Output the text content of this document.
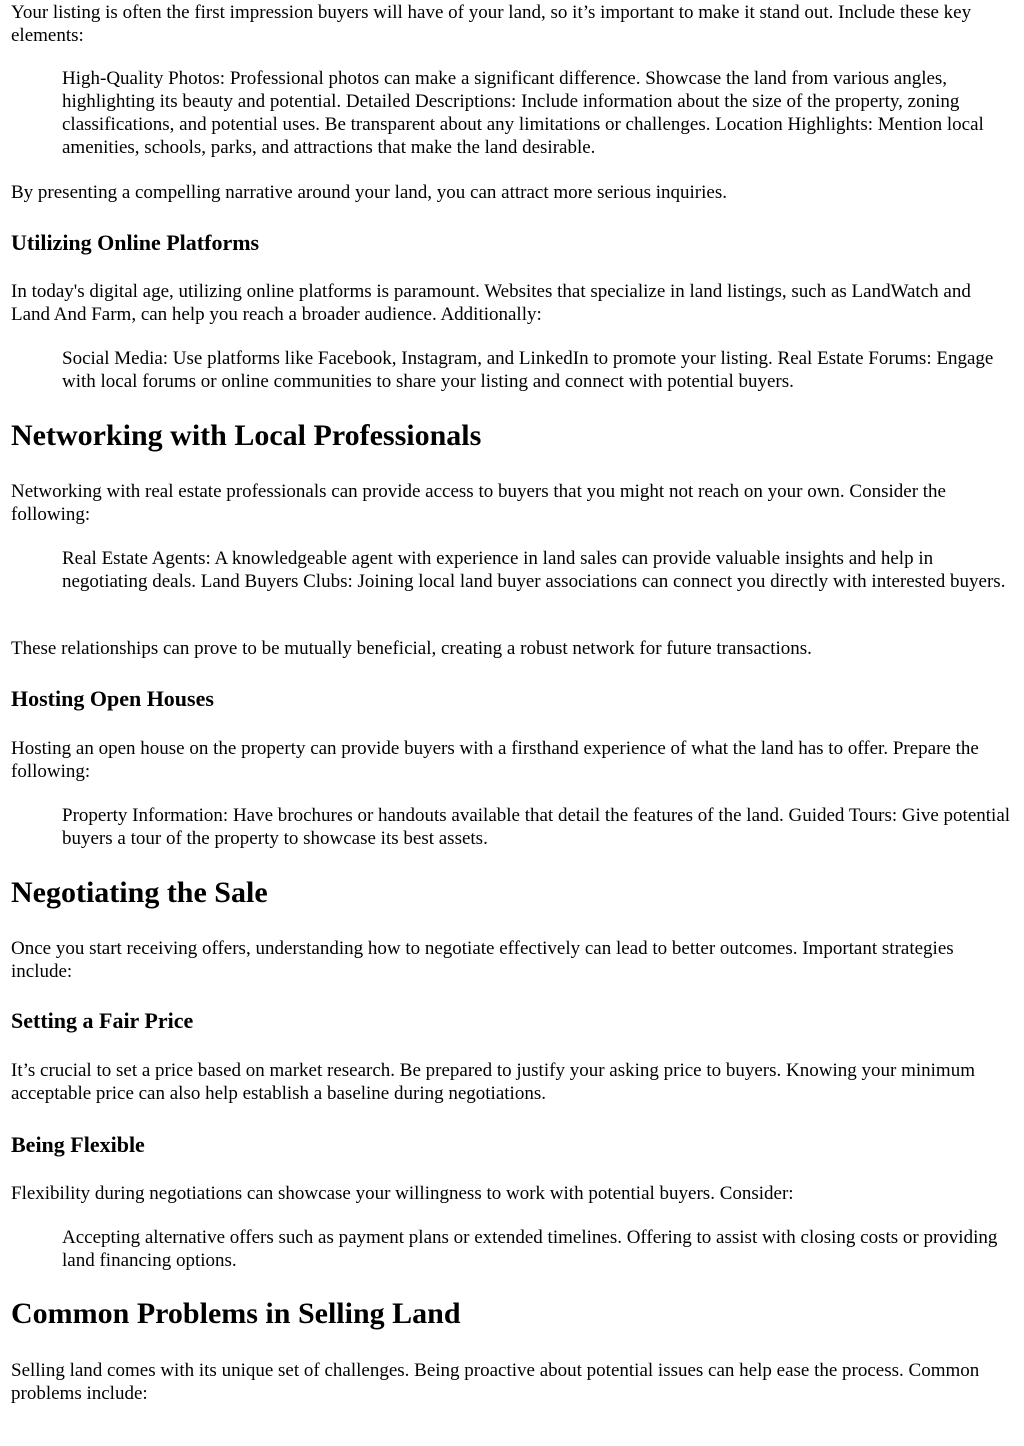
Your listing is often the first impression buyers will have of your land, so it’s important to make it stand out. Include these key elements:

High-Quality Photos: Professional photos can make a significant difference. Showcase the land from various angles, highlighting its beauty and potential. Detailed Descriptions: Include information about the size of the property, zoning classifications, and potential uses. Be transparent about any limitations or challenges. Location Highlights: Mention local amenities, schools, parks, and attractions that make the land desirable.

By presenting a compelling narrative around your land, you can attract more serious inquiries.

Utilizing Online Platforms

In today's digital age, utilizing online platforms is paramount. Websites that specialize in land listings, such as LandWatch and Land And Farm, can help you reach a broader audience. Additionally:

Social Media: Use platforms like Facebook, Instagram, and LinkedIn to promote your listing. Real Estate Forums: Engage with local forums or online communities to share your listing and connect with potential buyers.

Networking with Local Professionals

Networking with real estate professionals can provide access to buyers that you might not reach on your own. Consider the following:

Real Estate Agents: A knowledgeable agent with experience in land sales can provide valuable insights and help in negotiating deals. Land Buyers Clubs: Joining local land buyer associations can connect you directly with interested buyers.

These relationships can prove to be mutually beneficial, creating a robust network for future transactions.

Hosting Open Houses

Hosting an open house on the property can provide buyers with a firsthand experience of what the land has to offer. Prepare the following:

Property Information: Have brochures or handouts available that detail the features of the land. Guided Tours: Give potential buyers a tour of the property to showcase its best assets.

Negotiating the Sale

Once you start receiving offers, understanding how to negotiate effectively can lead to better outcomes. Important strategies include:

Setting a Fair Price

It’s crucial to set a price based on market research. Be prepared to justify your asking price to buyers. Knowing your minimum acceptable price can also help establish a baseline during negotiations.

Being Flexible

Flexibility during negotiations can showcase your willingness to work with potential buyers. Consider:

Accepting alternative offers such as payment plans or extended timelines. Offering to assist with closing costs or providing land financing options.

Common Problems in Selling Land

Selling land comes with its unique set of challenges. Being proactive about potential issues can help ease the process. Common problems include:
